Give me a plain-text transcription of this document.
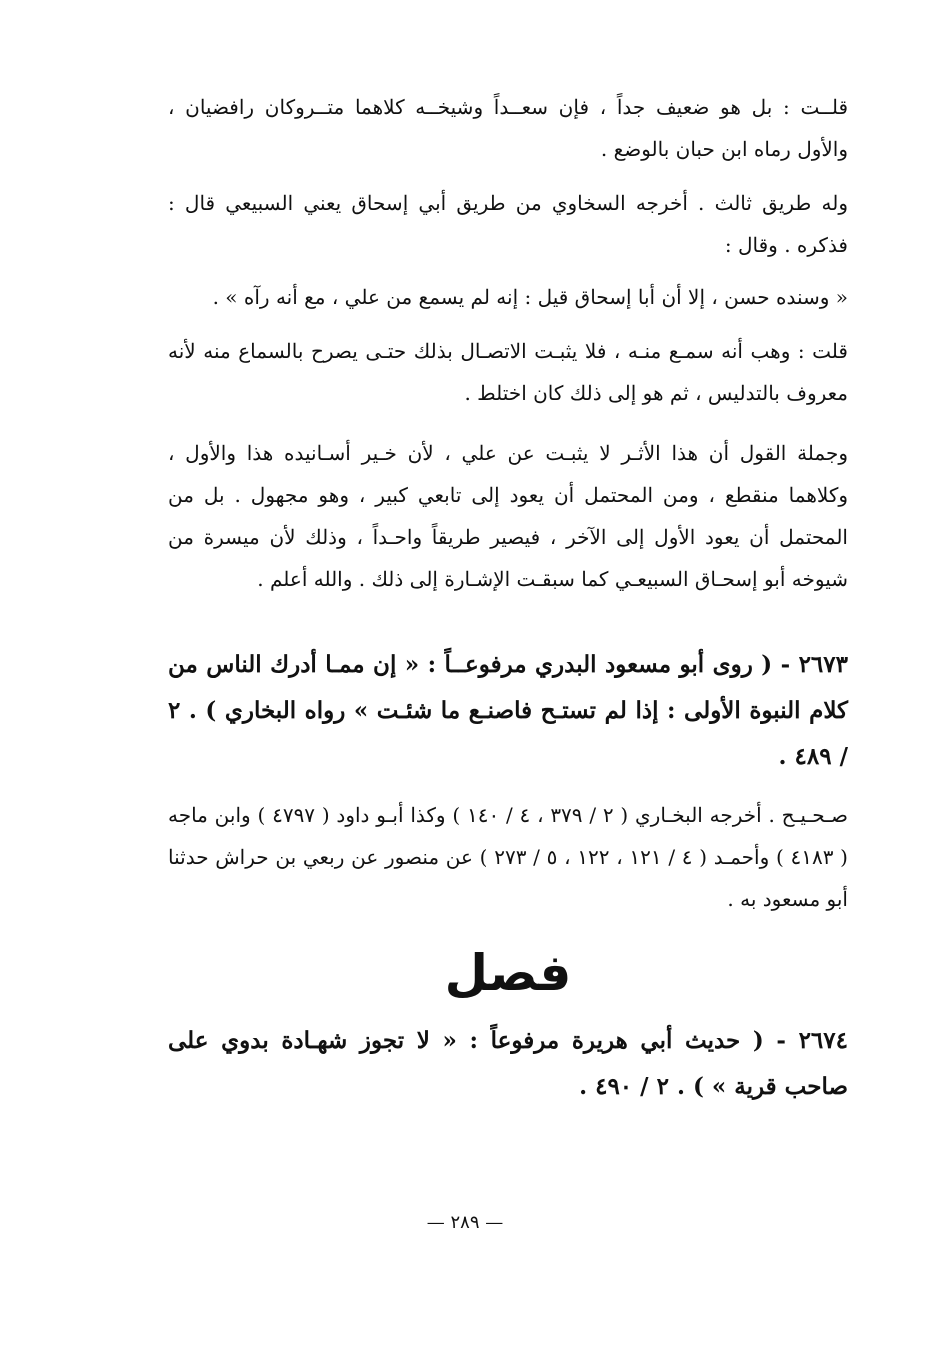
قلــت : بل هو ضعيف جداً ، فإن سعــداً وشيخــه كلاهما متــروكان رافضيان ، والأول رماه ابن حبان بالوضع .

وله طريق ثالث . أخرجه السخاوي من طريق أبي إسحاق يعني السبيعي قال : فذكره . وقال :

« وسنده حسن ، إلا أن أبا إسحاق قيل : إنه لم يسمع من علي ، مع أنه رآه » .

قلت : وهب أنه سمـع منـه ، فلا يثبـت الاتصـال بذلك حتـى يصرح بالسماع منه لأنه معروف بالتدليس ، ثم هو إلى ذلك كان اختلط .

وجملة القول أن هذا الأثـر لا يثبـت عن علي ، لأن خـير أسـانيده هذا والأول ، وكلاهما منقطع ، ومن المحتمل أن يعود إلى تابعي كبير ، وهو مجهول . بل من المحتمل أن يعود الأول إلى الآخر ، فيصير طريقاً واحـداً ، وذلك لأن ميسرة من شيوخه أبو إسحـاق السبيعـي كما سبقـت الإشـارة إلى ذلك . والله أعلم .

٢٦٧٣ - ( روى أبو مسعود البدري مرفوعــاً : « إن ممـا أدرك الناس من كلام النبوة الأولى : إذا لم تستـح فاصنـع ما شئـت » رواه البخاري ) . ٢ / ٤٨٩ .

صـحـيـح . أخرجه البخـاري ( ٢ / ٣٧٩ ، ٤ / ١٤٠ ) وكذا أبـو داود ( ٤٧٩٧ ) وابن ماجه ( ٤١٨٣ ) وأحمـد ( ٤ / ١٢١ ، ١٢٢ ، ٥ / ٢٧٣ ) عن منصور عن ربعي بن حراش حدثنا أبو مسعود به .

فصل

٢٦٧٤ - ( حديث أبي هريرة مرفوعاً : « لا تجوز شهـادة بدوي على صاحب قرية » ) . ٢ / ٤٩٠ .

— ٢٨٩ —
